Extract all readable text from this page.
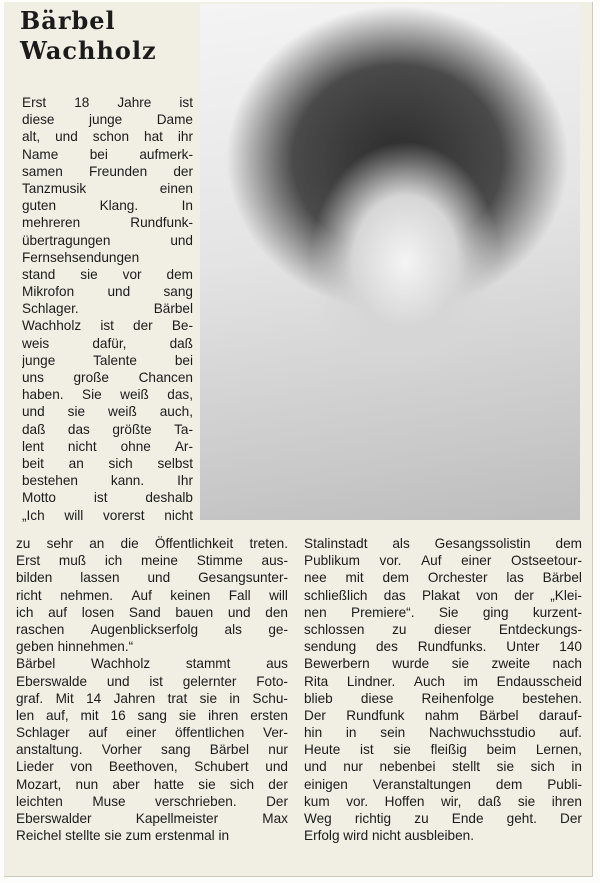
Bärbel
Wachholz
Erst 18 Jahre ist
diese	junge	Dame
alt, und schon hat ihr
Name bei aufmerk-
samen Freunden der
Tanzmusik	einen
guten	Klang.	In
mehreren	Rundfunk-
übertragungen	und
Fernsehsendungen
stand sie vor dem
Mikrofon und sang
Schlager.	Bärbel
Wachholz ist der Be-
weis	dafür,	daß
junge	Talente	bei
uns große Chancen
haben. Sie weiß das,
und sie weiß auch,
daß das größte Ta-
lent nicht ohne Ar-
beit an sich selbst
bestehen kann. Ihr
Motto	ist	deshalb
„Ich will vorerst nicht
zu sehr an die Öffentlichkeit treten.
Erst muß ich meine Stimme aus-
bilden lassen und Gesangsunter-
richt nehmen. Auf keinen Fall will
ich auf losen Sand bauen und den
raschen Augenblickserfolg als ge-
geben hinnehmen.“
Bärbel	Wachholz	stammt	aus
Eberswalde und ist gelernter Foto-
graf. Mit 14 Jahren trat sie in Schu-
len auf, mit 16 sang sie ihren ersten
Schlager auf einer öffentlichen Ver-
anstaltung. Vorher sang Bärbel nur
Lieder von Beethoven, Schubert und
Mozart, nun aber hatte sie sich der
leichten Muse verschrieben. Der
Eberswalder	Kapellmeister	Max
Reichel stellte sie zum erstenmal in
Stalinstadt als Gesangssolistin dem
Publikum vor. Auf einer Ostseetour-
nee mit dem Orchester las Bärbel
schließlich das Plakat von der „Klei-
nen Premiere“. Sie ging kurzent-
schlossen zu dieser Entdeckungs-
sendung des Rundfunks. Unter 140
Bewerbern wurde sie zweite nach
Rita Lindner. Auch im Endausscheid
blieb diese Reihenfolge bestehen.
Der Rundfunk nahm Bärbel darauf-
hin in sein Nachwuchsstudio auf.
Heute ist sie fleißig beim Lernen,
und nur nebenbei stellt sie sich in
einigen Veranstaltungen dem Publi-
kum vor. Hoffen wir, daß sie ihren
Weg richtig zu Ende geht. Der
Erfolg wird nicht ausbleiben.
